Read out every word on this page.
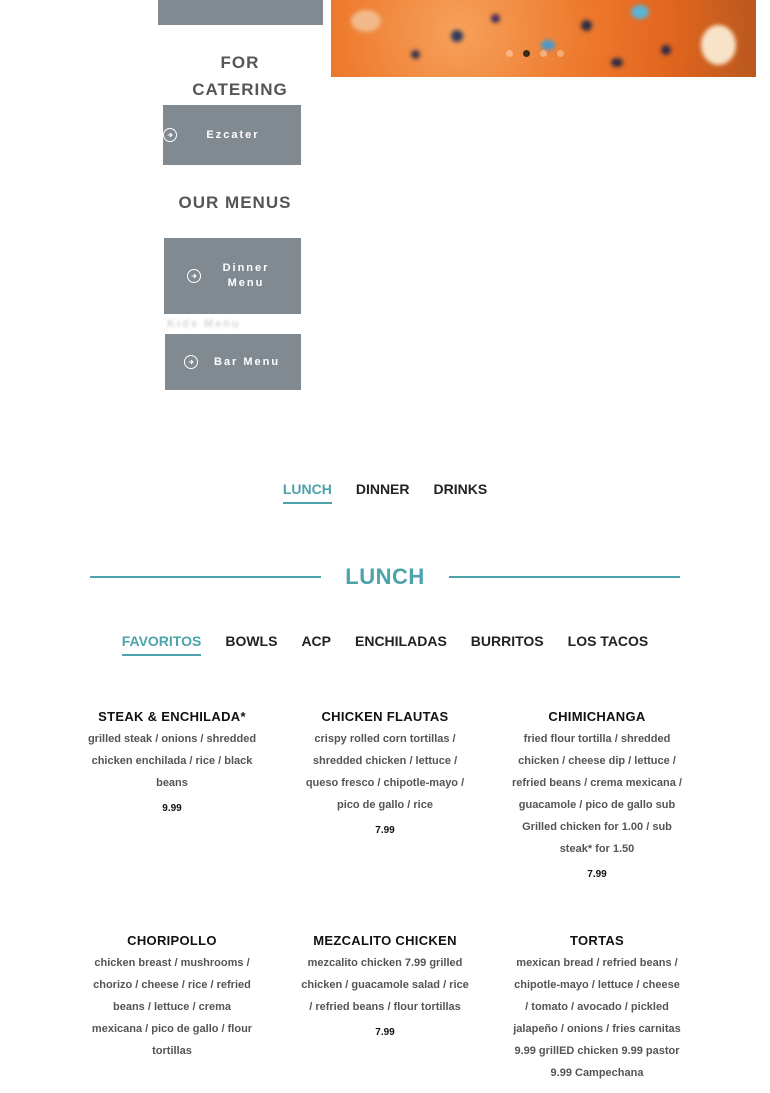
FOR
CATERING
Ezcater
OUR MENUS
Dinner Menu
Kids Menu
Bar Menu
LUNCH DINNER DRINKS
LUNCH
FAVORITOS BOWLS ACP ENCHILADAS BURRITOS LOS TACOS
STEAK & ENCHILADA*
grilled steak / onions / shredded chicken enchilada / rice / black beans
9.99
CHICKEN FLAUTAS
crispy rolled corn tortillas / shredded chicken / lettuce / queso fresco / chipotle-mayo / pico de gallo / rice
7.99
CHIMICHANGA
fried flour tortilla / shredded chicken / cheese dip / lettuce / refried beans / crema mexicana / guacamole / pico de gallo sub Grilled chicken for 1.00 / sub steak* for 1.50
7.99
CHORIPOLLO
chicken breast / mushrooms / chorizo / cheese / rice / refried beans / lettuce / crema mexicana / pico de gallo / flour tortillas
MEZCALITO CHICKEN
mezcalito chicken 7.99 grilled chicken / guacamole salad / rice / refried beans / flour tortillas
7.99
TORTAS
mexican bread / refried beans / chipotle-mayo / lettuce / cheese / tomato / avocado / pickled jalapeño / onions / fries carnitas 9.99 grillED chicken 9.99 pastor 9.99 Campechana
